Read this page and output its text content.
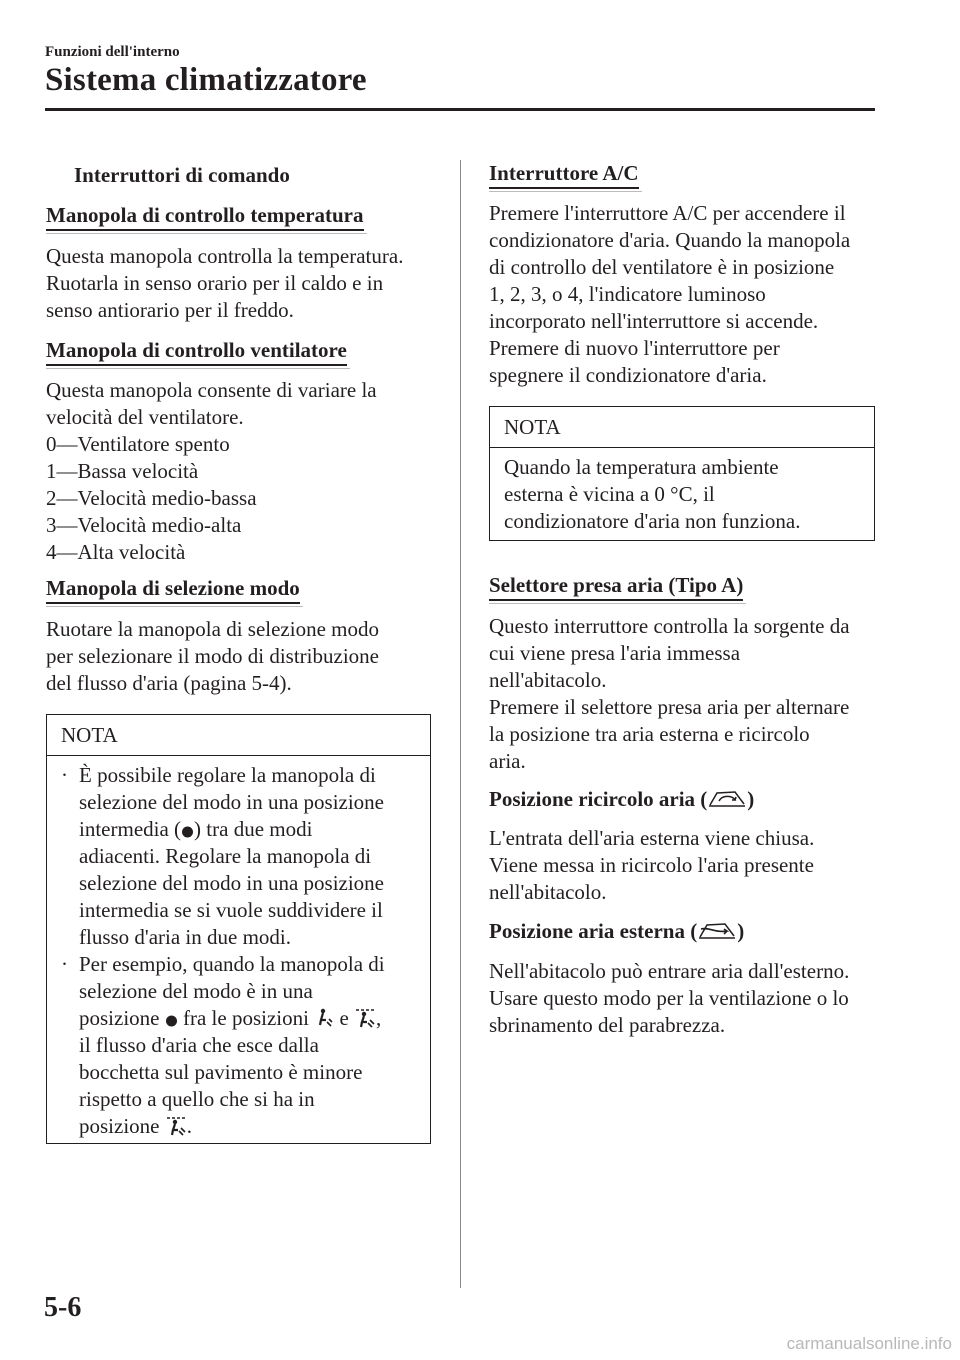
Funzioni dell'interno
Sistema climatizzatore
Interruttori di comando
Manopola di controllo temperatura
Questa manopola controlla la temperatura.
Ruotarla in senso orario per il caldo e in
senso antiorario per il freddo.
Manopola di controllo ventilatore
Questa manopola consente di variare la
velocità del ventilatore.
0—Ventilatore spento
1—Bassa velocità
2—Velocità medio-bassa
3—Velocità medio-alta
4—Alta velocità
Manopola di selezione modo
Ruotare la manopola di selezione modo
per selezionare il modo di distribuzione
del flusso d'aria (pagina 5-4).
NOTA
· È possibile regolare la manopola di
selezione del modo in una posizione
intermedia ( ) tra due modi
adiacenti. Regolare la manopola di
selezione del modo in una posizione
intermedia se si vuole suddividere il
flusso d'aria in due modi.
· Per esempio, quando la manopola di
selezione del modo è in una
posizione  fra le posizioni  e ,
il flusso d'aria che esce dalla
bocchetta sul pavimento è minore
rispetto a quello che si ha in
posizione .
Interruttore A/C
Premere l'interruttore A/C per accendere il
condizionatore d'aria. Quando la manopola
di controllo del ventilatore è in posizione
1, 2, 3, o 4, l'indicatore luminoso
incorporato nell'interruttore si accende.
Premere di nuovo l'interruttore per
spegnere il condizionatore d'aria.
NOTA
Quando la temperatura ambiente
esterna è vicina a 0 °C, il
condizionatore d'aria non funziona.
Selettore presa aria (Tipo A)
Questo interruttore controlla la sorgente da
cui viene presa l'aria immessa
nell'abitacolo.
Premere il selettore presa aria per alternare
la posizione tra aria esterna e ricircolo
aria.
Posizione ricircolo aria ( )
L'entrata dell'aria esterna viene chiusa.
Viene messa in ricircolo l'aria presente
nell'abitacolo.
Posizione aria esterna ( )
Nell'abitacolo può entrare aria dall'esterno.
Usare questo modo per la ventilazione o lo
sbrinamento del parabrezza.
5-6
carmanualsonline.info
